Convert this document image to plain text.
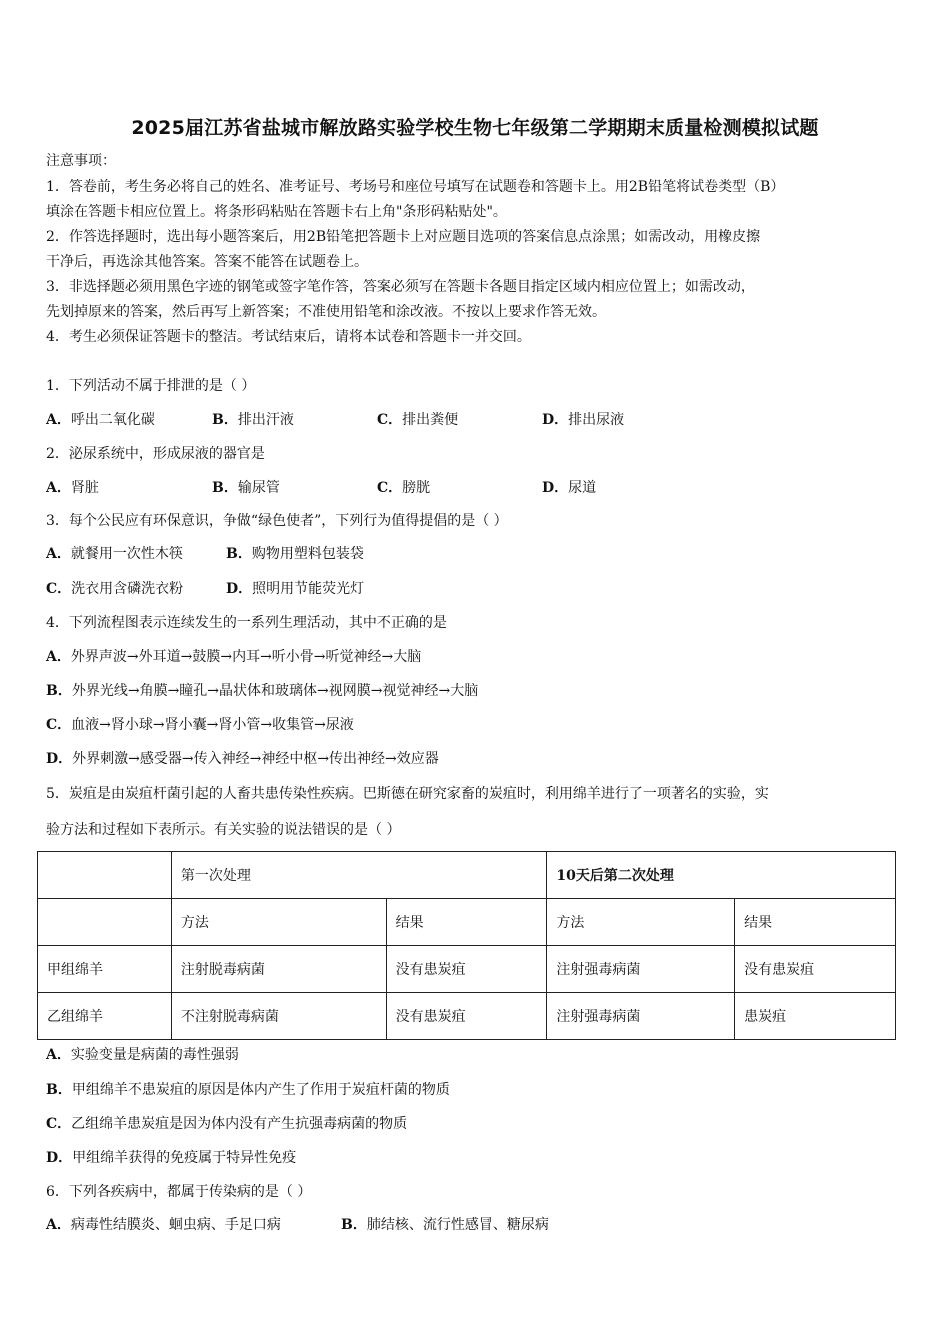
2025届江苏省盐城市解放路实验学校生物七年级第二学期期末质量检测模拟试题
注意事项：
1．答卷前，考生务必将自己的姓名、准考证号、考场号和座位号填写在试题卷和答题卡上。用2B铅笔将试卷类型（B）
填涂在答题卡相应位置上。将条形码粘贴在答题卡右上角"条形码粘贴处"。
2．作答选择题时，选出每小题答案后，用2B铅笔把答题卡上对应题目选项的答案信息点涂黑；如需改动，用橡皮擦
干净后，再选涂其他答案。答案不能答在试题卷上。
3．非选择题必须用黑色字迹的钢笔或签字笔作答，答案必须写在答题卡各题目指定区域内相应位置上；如需改动，
先划掉原来的答案，然后再写上新答案；不准使用铅笔和涂改液。不按以上要求作答无效。
4．考生必须保证答题卡的整洁。考试结束后，请将本试卷和答题卡一并交回。
1．下列活动不属于排泄的是（ ）
A．呼出二氧化碳	B．排出汗液	C．排出粪便	D．排出尿液
2．泌尿系统中，形成尿液的器官是
A．肾脏	B．输尿管	C．膀胱	D．尿道
3．每个公民应有环保意识，争做“绿色使者”，下列行为值得提倡的是（ ）
A．就餐用一次性木筷	B．购物用塑料包装袋
C．洗衣用含磷洗衣粉	D．照明用节能荧光灯
4．下列流程图表示连续发生的一系列生理活动，其中不正确的是
A．外界声波→外耳道→鼓膜→内耳→听小骨→听觉神经→大脑
B．外界光线→角膜→瞳孔→晶状体和玻璃体→视网膜→视觉神经→大脑
C．血液→肾小球→肾小囊→肾小管→收集管→尿液
D．外界刺激→感受器→传入神经→神经中枢→传出神经→效应器
5．炭疽是由炭疽杆菌引起的人畜共患传染性疾病。巴斯德在研究家畜的炭疽时，利用绵羊进行了一项著名的实验，实
验方法和过程如下表所示。有关实验的说法错误的是（ ）
	第一次处理		10天后第二次处理	
	方法	结果	方法	结果
甲组绵羊	注射脱毒病菌	没有患炭疽	注射强毒病菌	没有患炭疽
乙组绵羊	不注射脱毒病菌	没有患炭疽	注射强毒病菌	患炭疽
A．实验变量是病菌的毒性强弱
B．甲组绵羊不患炭疽的原因是体内产生了作用于炭疽杆菌的物质
C．乙组绵羊患炭疽是因为体内没有产生抗强毒病菌的物质
D．甲组绵羊获得的免疫属于特异性免疫
6．下列各疾病中，都属于传染病的是（ ）
A．病毒性结膜炎、蛔虫病、手足口病	B．肺结核、流行性感冒、糖尿病
